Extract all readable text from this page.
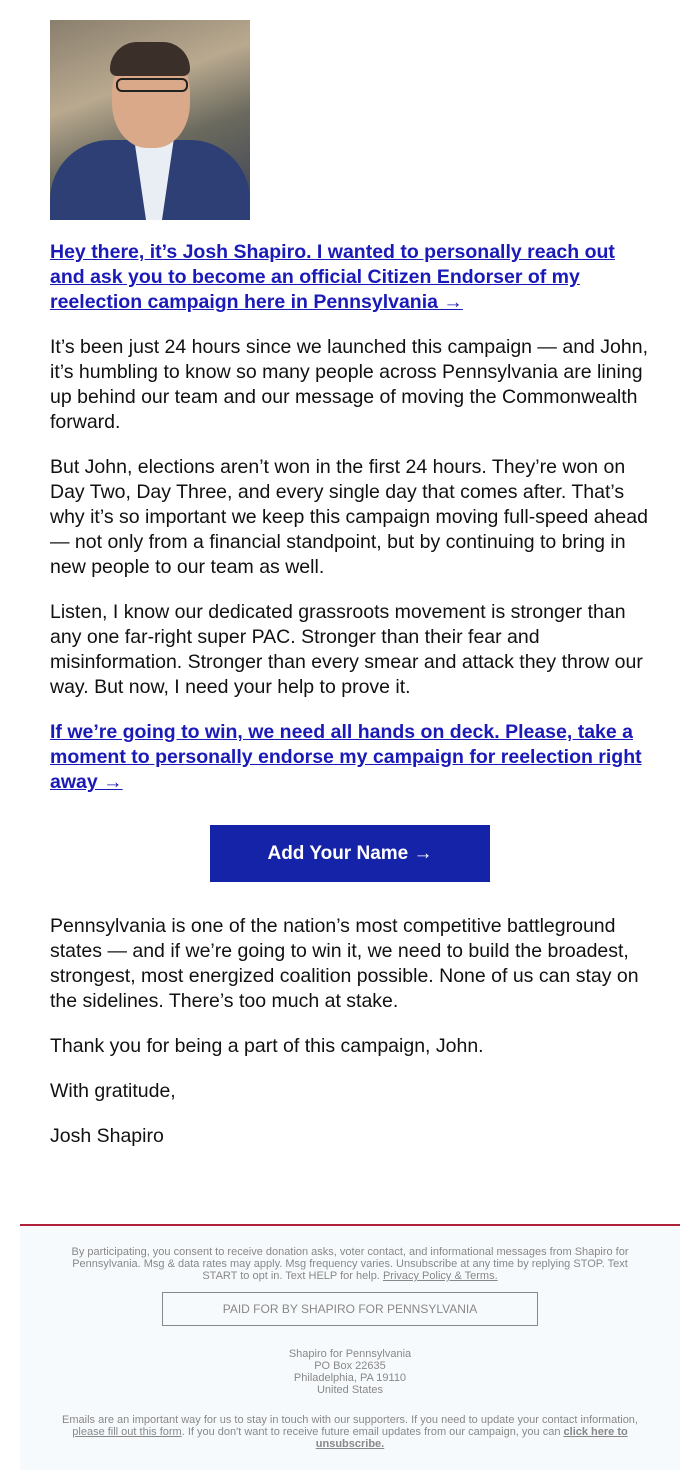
Hey there, it’s Josh Shapiro. I wanted to personally reach out and ask you to become an official Citizen Endorser of my reelection campaign here in Pennsylvania →

It’s been just 24 hours since we launched this campaign — and John, it’s humbling to know so many people across Pennsylvania are lining up behind our team and our message of moving the Commonwealth forward.

But John, elections aren’t won in the first 24 hours. They’re won on Day Two, Day Three, and every single day that comes after. That’s why it’s so important we keep this campaign moving full-speed ahead — not only from a financial standpoint, but by continuing to bring in new people to our team as well.

Listen, I know our dedicated grassroots movement is stronger than any one far-right super PAC. Stronger than their fear and misinformation. Stronger than every smear and attack they throw our way. But now, I need your help to prove it.

If we’re going to win, we need all hands on deck. Please, take a moment to personally endorse my campaign for reelection right away →

Add Your Name →

Pennsylvania is one of the nation’s most competitive battleground states — and if we’re going to win it, we need to build the broadest, strongest, most energized coalition possible. None of us can stay on the sidelines. There’s too much at stake.

Thank you for being a part of this campaign, John.

With gratitude,

Josh Shapiro

By participating, you consent to receive donation asks, voter contact, and informational messages from Shapiro for Pennsylvania. Msg & data rates may apply. Msg frequency varies. Unsubscribe at any time by replying STOP. Text START to opt in. Text HELP for help. Privacy Policy & Terms.
PAID FOR BY SHAPIRO FOR PENNSYLVANIA
Shapiro for Pennsylvania
PO Box 22635
Philadelphia, PA 19110
United States
Emails are an important way for us to stay in touch with our supporters. If you need to update your contact information, please fill out this form. If you don't want to receive future email updates from our campaign, you can click here to unsubscribe.
